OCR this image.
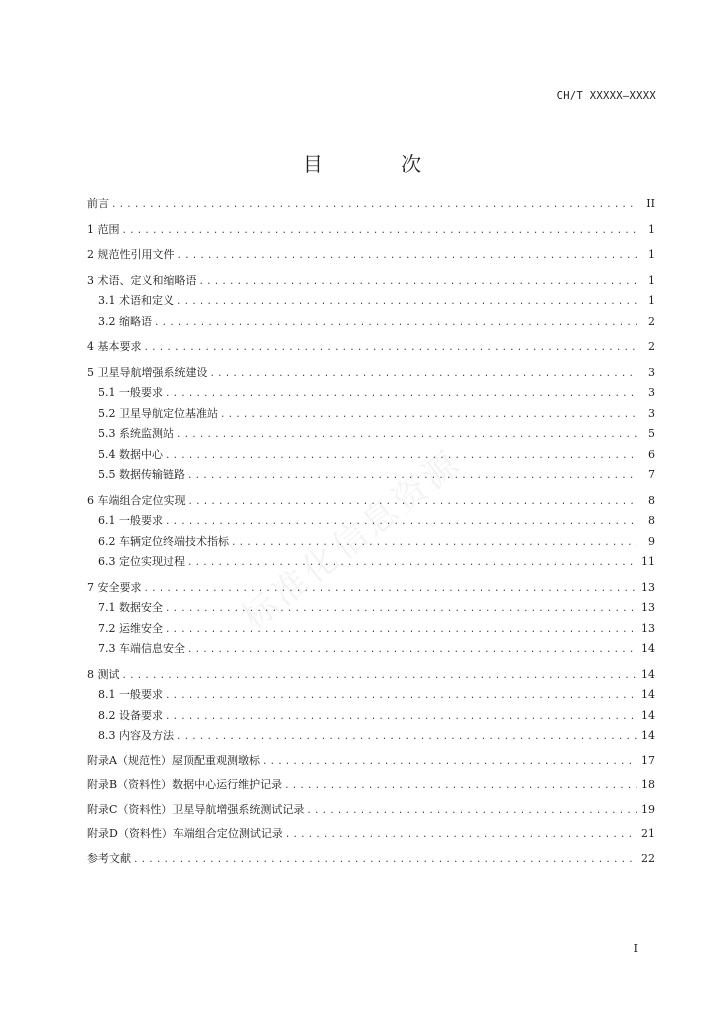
CH/T XXXXX—XXXX
目 次
标准化信息资源
前言 .....	II
1 范围 .....	1
2 规范性引用文件 .....	1
3 术语、定义和缩略语 .....	1
3.1 术语和定义 .....	1
3.2 缩略语 .....	2
4 基本要求 .....	2
5 卫星导航增强系统建设 .....	3
5.1 一般要求 .....	3
5.2 卫星导航定位基准站 .....	3
5.3 系统监测站 .....	5
5.4 数据中心 .....	6
5.5 数据传输链路 .....	7
6 车端组合定位实现 .....	8
6.1 一般要求 .....	8
6.2 车辆定位终端技术指标 .....	9
6.3 定位实现过程 .....	11
7 安全要求 .....	13
7.1 数据安全 .....	13
7.2 运维安全 .....	13
7.3 车端信息安全 .....	14
8 测试 .....	14
8.1 一般要求 .....	14
8.2 设备要求 .....	14
8.3 内容及方法 .....	14
附录A（规范性）屋顶配重观测墩标 .....	17
附录B（资料性）数据中心运行维护记录 .....	18
附录C（资料性）卫星导航增强系统测试记录 .....	19
附录D（资料性）车端组合定位测试记录 .....	21
参考文献 .....	22
I
